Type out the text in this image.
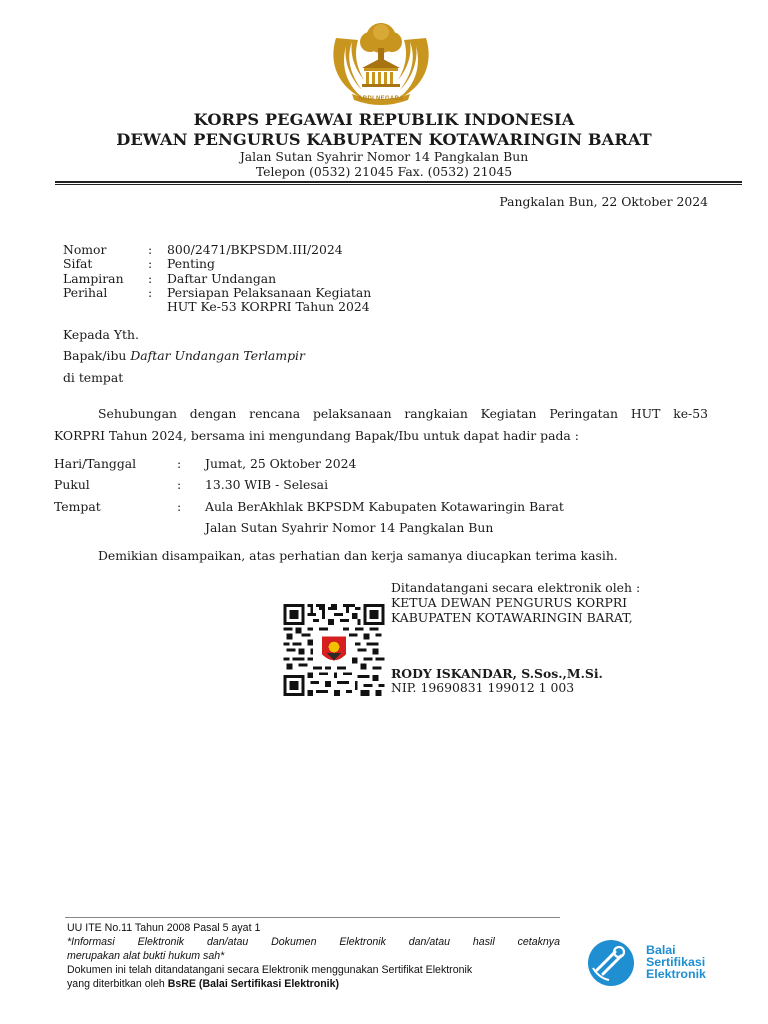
ABDI NEGARA
KORPS PEGAWAI REPUBLIK INDONESIA
DEWAN PENGURUS KABUPATEN KOTAWARINGIN BARAT
Jalan Sutan Syahrir Nomor 14 Pangkalan Bun
Telepon (0532) 21045 Fax. (0532) 21045
Pangkalan Bun, 22 Oktober 2024
Nomor	: 800/2471/BKPSDM.III/2024
Sifat	: Penting
Lampiran : Daftar Undangan
Perihal	: Persiapan Pelaksanaan Kegiatan
HUT Ke-53 KORPRI Tahun 2024
Kepada Yth.
Bapak/ibu Daftar Undangan Terlampir
di tempat
Sehubungan dengan rencana pelaksanaan rangkaian Kegiatan Peringatan HUT ke-53
KORPRI Tahun 2024, bersama ini mengundang Bapak/Ibu untuk dapat hadir pada :
Hari/Tanggal	: Jumat, 25 Oktober 2024
Pukul	: 13.30 WIB - Selesai
Tempat	: Aula BerAkhlak BKPSDM Kabupaten Kotawaringin Barat
Jalan Sutan Syahrir Nomor 14 Pangkalan Bun
Demikian disampaikan, atas perhatian dan kerja samanya diucapkan terima kasih.
Ditandatangani secara elektronik oleh :
KETUA DEWAN PENGURUS KORPRI
KABUPATEN KOTAWARINGIN BARAT,
RODY ISKANDAR, S.Sos.,M.Si.
NIP. 19690831 199012 1 003
UU ITE No.11 Tahun 2008 Pasal 5 ayat 1
*Informasi Elektronik dan/atau Dokumen Elektronik dan/atau hasil cetaknya
merupakan alat bukti hukum sah*
Dokumen ini telah ditandatangani secara Elektronik menggunakan Sertifikat Elektronik
yang diterbitkan oleh BsRE (Balai Sertifikasi Elektronik)
Balai
Sertifikasi
Elektronik
